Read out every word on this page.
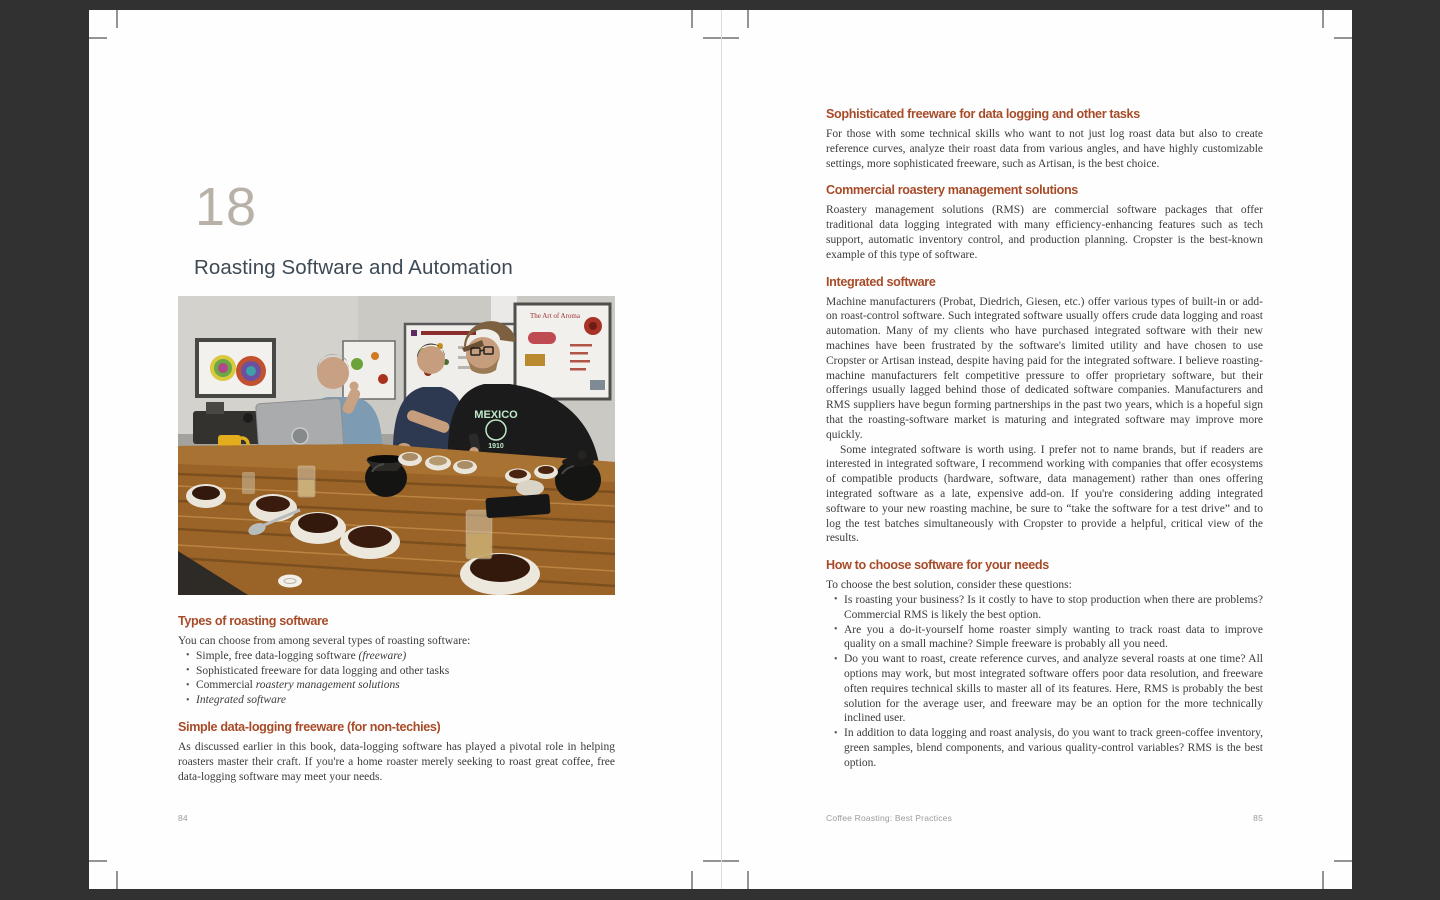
18
Roasting Software and Automation
The Art of Aroma
MEXICO
1910
Types of roasting software

You can choose from among several types of roasting software:

• Simple, free data-logging software (freeware)
• Sophisticated freeware for data logging and other tasks
• Commercial roastery management solutions
• Integrated software
Simple data-logging freeware (for non-techies)

As discussed earlier in this book, data-logging software has played a pivotal role in helping roasters master their craft. If you're a home roaster merely seeking to roast great coffee, free data-logging software may meet your needs.

84
Sophisticated freeware for data logging and other tasks

For those with some technical skills who want to not just log roast data but also to create reference curves, analyze their roast data from various angles, and have highly customizable settings, more sophisticated freeware, such as Artisan, is the best choice.

Commercial roastery management solutions

Roastery management solutions (RMS) are commercial software packages that offer traditional data logging integrated with many efficiency-enhancing features such as tech support, automatic inventory control, and production planning. Cropster is the best-known example of this type of software.

Integrated software

Machine manufacturers (Probat, Diedrich, Giesen, etc.) offer various types of built-in or add-on roast-control software. Such integrated software usually offers crude data logging and roast automation. Many of my clients who have purchased integrated software with their new machines have been frustrated by the software's limited utility and have chosen to use Cropster or Artisan instead, despite having paid for the integrated software. I believe roasting-machine manufacturers felt competitive pressure to offer proprietary software, but their offerings usually lagged behind those of dedicated software companies. Manufacturers and RMS suppliers have begun forming partnerships in the past two years, which is a hopeful sign that the roasting-software market is maturing and integrated software may improve more quickly.

Some integrated software is worth using. I prefer not to name brands, but if readers are interested in integrated software, I recommend working with companies that offer ecosystems of compatible products (hardware, software, data management) rather than ones offering integrated software as a late, expensive add-on. If you're considering adding integrated software to your new roasting machine, be sure to “take the software for a test drive” and to log the test batches simultaneously with Cropster to provide a helpful, critical view of the results.

How to choose software for your needs

To choose the best solution, consider these questions:

• Is roasting your business? Is it costly to have to stop production when there are problems? Commercial RMS is likely the best option.
• Are you a do-it-yourself home roaster simply wanting to track roast data to improve quality on a small machine? Simple freeware is probably all you need.
• Do you want to roast, create reference curves, and analyze several roasts at one time? All options may work, but most integrated software offers poor data resolution, and freeware often requires technical skills to master all of its features. Here, RMS is probably the best solution for the average user, and freeware may be an option for the more technically inclined user.
• In addition to data logging and roast analysis, do you want to track green-coffee inventory, green samples, blend components, and various quality-control variables? RMS is the best option.
Coffee Roasting: Best Practices	85
